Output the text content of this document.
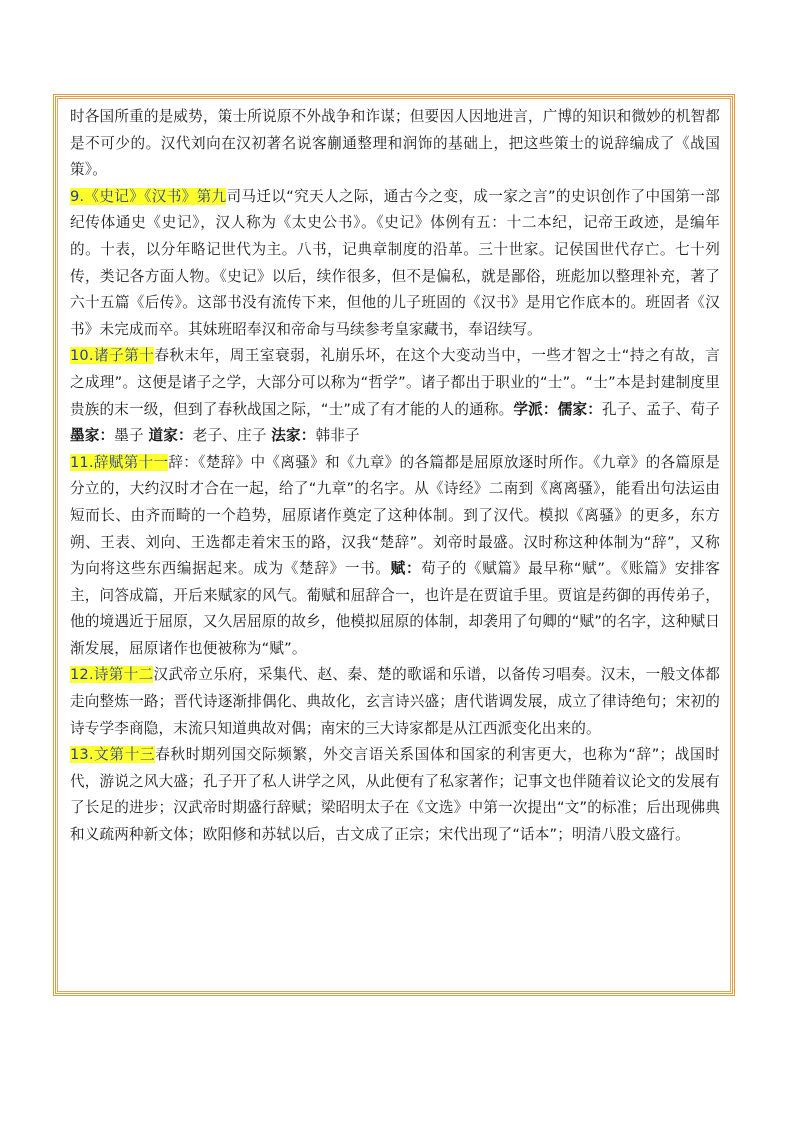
时各国所重的是威势，策士所说原不外战争和诈谋；但要因人因地进言，广博的知识和微妙的机智都是不可少的。汉代刘向在汉初著名说客蒯通整理和润饰的基础上，把这些策士的说辞编成了《战国策》。

9.《史记》《汉书》第九司马迁以“究天人之际，通古今之变，成一家之言”的史识创作了中国第一部纪传体通史《史记》，汉人称为《太史公书》。《史记》体例有五：十二本纪，记帝王政迹，是编年的。十表，以分年略记世代为主。八书，记典章制度的沿革。三十世家。记侯国世代存亡。七十列传，类记各方面人物。《史记》以后，续作很多，但不是偏私，就是鄙俗，班彪加以整理补充，著了六十五篇《后传》。这部书没有流传下来，但他的儿子班固的《汉书》是用它作底本的。班固者《汉书》未完成而卒。其妹班昭奉汉和帝命与马续参考皇家藏书，奉诏续写。

10.诸子第十春秋末年，周王室衰弱，礼崩乐坏，在这个大变动当中，一些才智之士“持之有故，言之成理”。这便是诸子之学，大部分可以称为“哲学”。诸子都出于职业的“士”。“士”本是封建制度里贵族的末一级，但到了春秋战国之际，“士”成了有才能的人的通称。学派：儒家：孔子、孟子、荀子墨家：墨子 道家：老子、庄子 法家：韩非子

11.辞赋第十一辞：《楚辞》中《离骚》和《九章》的各篇都是屈原放逐时所作。《九章》的各篇原是分立的，大约汉时才合在一起，给了“九章”的名字。从《诗经》二南到《离离骚》，能看出句法运由短而长、由齐而畸的一个趋势，屈原诸作奠定了这种体制。到了汉代。模拟《离骚》的更多，东方朔、王表、刘向、王选都走着宋玉的路，汉我“楚辞”。刘帝时最盛。汉时称这种体制为“辞”，又称为向将这些东西编据起来。成为《楚辞》一书。赋：荀子的《赋篇》最早称“赋”。《账篇》安排客主，问答成篇，开后来赋家的风气。葡赋和屈辞合一，也许是在贾谊手里。贾谊是药御的再传弟子，他的境遇近于屈原，又久居屈原的故乡，他模拟屈原的体制，却袭用了句卿的“赋”的名字，这种赋日渐发展，屈原诸作也便被称为“赋”。

12.诗第十二汉武帝立乐府，采集代、赵、秦、楚的歌谣和乐谱，以备传习唱奏。汉末，一般文体都走向整炼一路；晋代诗逐渐排偶化、典故化，玄言诗兴盛；唐代谐调发展，成立了律诗绝句；宋初的诗专学李商隐，末流只知道典故对偶；南宋的三大诗家都是从江西派变化出来的。

13.文第十三春秋时期列国交际频繁，外交言语关系国体和国家的利害更大，也称为“辞”；战国时代，游说之风大盛；孔子开了私人讲学之风，从此便有了私家著作；记事文也伴随着议论文的发展有了长足的进步；汉武帝时期盛行辞赋；梁昭明太子在《文选》中第一次提出“文”的标准；后出现佛典和义疏两种新文体；欧阳修和苏轼以后，古文成了正宗；宋代出现了“话本”；明清八股文盛行。
